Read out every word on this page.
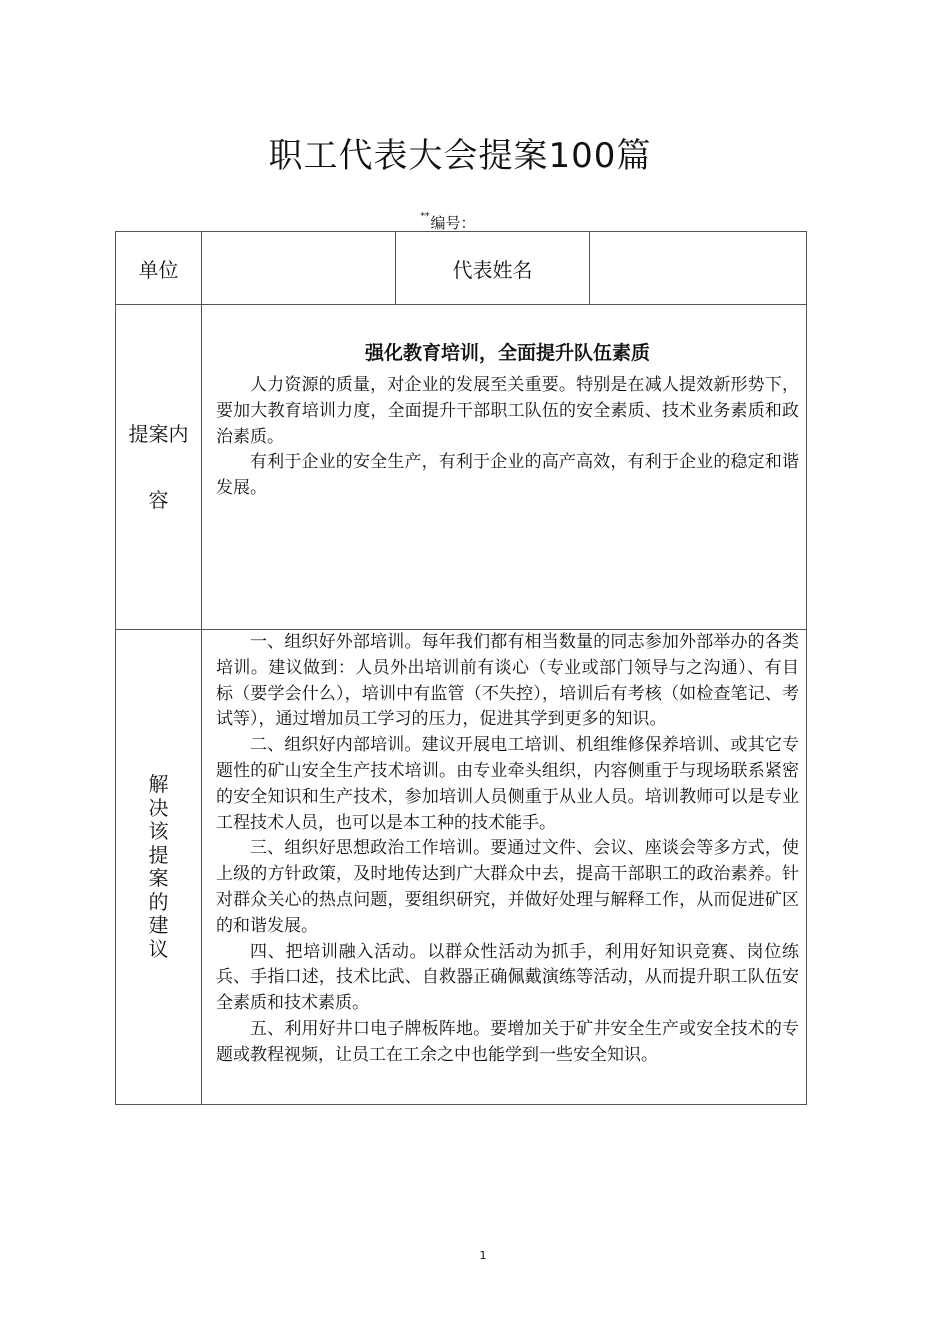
职工代表大会提案100篇
**编号：
单位		代表姓名	

提案内容	强化教育培训，全面提升队伍素质

人力资源的质量，对企业的发展至关重要。特别是在减人提效新形势下，要加大教育培训力度，全面提升干部职工队伍的安全素质、技术业务素质和政治素质。

有利于企业的安全生产，有利于企业的高产高效，有利于企业的稳定和谐发展。		

解决该提案的建议	一、组织好外部培训。每年我们都有相当数量的同志参加外部举办的各类培训。建议做到：人员外出培训前有谈心（专业或部门领导与之沟通）、有目标（要学会什么），培训中有监管（不失控），培训后有考核（如检查笔记、考试等），通过增加员工学习的压力，促进其学到更多的知识。

二、组织好内部培训。建议开展电工培训、机组维修保养培训、或其它专题性的矿山安全生产技术培训。由专业牵头组织，内容侧重于与现场联系紧密的安全知识和生产技术，参加培训人员侧重于从业人员。培训教师可以是专业工程技术人员，也可以是本工种的技术能手。

三、组织好思想政治工作培训。要通过文件、会议、座谈会等多方式，使上级的方针政策，及时地传达到广大群众中去，提高干部职工的政治素养。针对群众关心的热点问题，要组织研究，并做好处理与解释工作，从而促进矿区的和谐发展。

四、把培训融入活动。以群众性活动为抓手，利用好知识竞赛、岗位练兵、手指口述，技术比武、自救器正确佩戴演练等活动，从而提升职工队伍安全素质和技术素质。

五、利用好井口电子牌板阵地。要增加关于矿井安全生产或安全技术的专题或教程视频，让员工在工余之中也能学到一些安全知识。		

1
